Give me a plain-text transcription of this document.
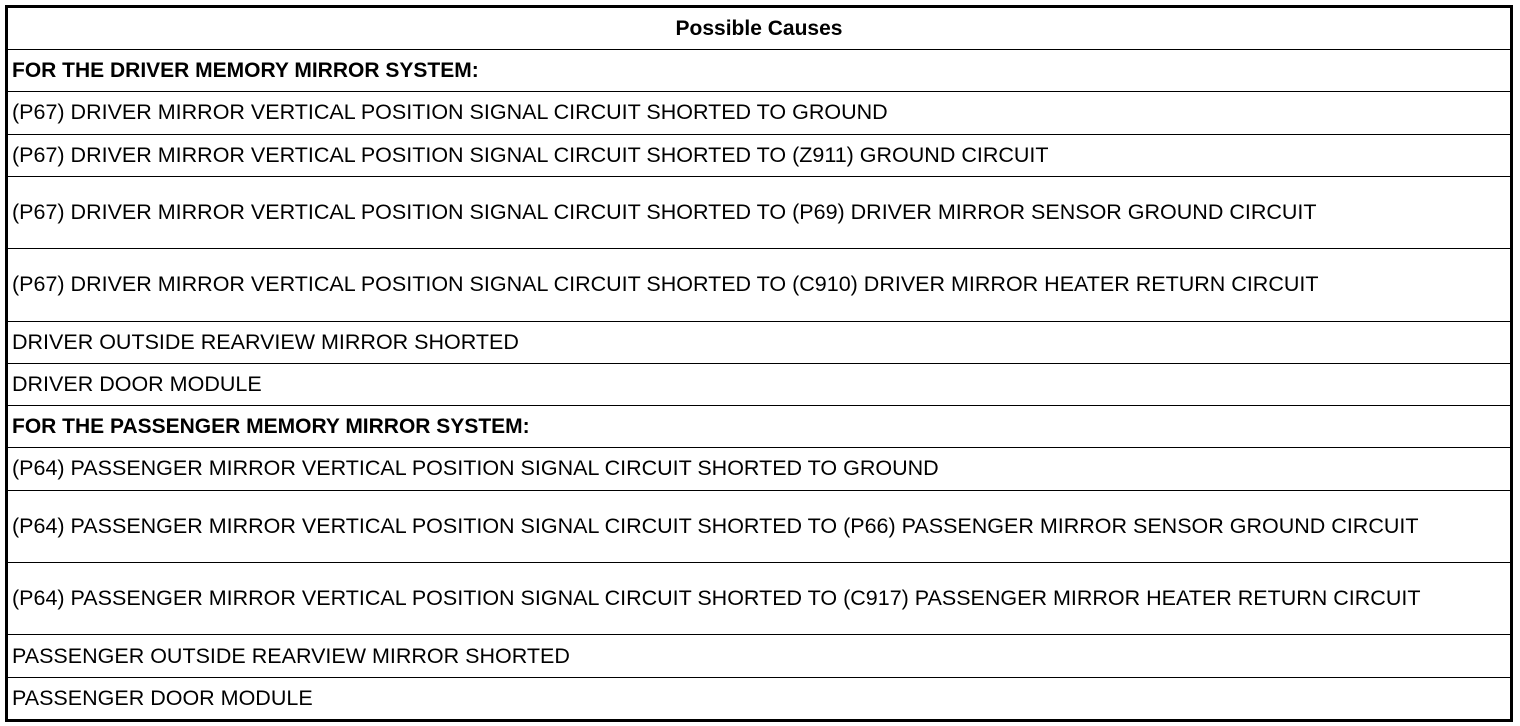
Possible Causes
FOR THE DRIVER MEMORY MIRROR SYSTEM:
(P67) DRIVER MIRROR VERTICAL POSITION SIGNAL CIRCUIT SHORTED TO GROUND
(P67) DRIVER MIRROR VERTICAL POSITION SIGNAL CIRCUIT SHORTED TO (Z911) GROUND CIRCUIT
(P67) DRIVER MIRROR VERTICAL POSITION SIGNAL CIRCUIT SHORTED TO (P69) DRIVER MIRROR SENSOR GROUND CIRCUIT
(P67) DRIVER MIRROR VERTICAL POSITION SIGNAL CIRCUIT SHORTED TO (C910) DRIVER MIRROR HEATER RETURN CIRCUIT
DRIVER OUTSIDE REARVIEW MIRROR SHORTED
DRIVER DOOR MODULE
FOR THE PASSENGER MEMORY MIRROR SYSTEM:
(P64) PASSENGER MIRROR VERTICAL POSITION SIGNAL CIRCUIT SHORTED TO GROUND
(P64) PASSENGER MIRROR VERTICAL POSITION SIGNAL CIRCUIT SHORTED TO (P66) PASSENGER MIRROR SENSOR GROUND CIRCUIT
(P64) PASSENGER MIRROR VERTICAL POSITION SIGNAL CIRCUIT SHORTED TO (C917) PASSENGER MIRROR HEATER RETURN CIRCUIT
PASSENGER OUTSIDE REARVIEW MIRROR SHORTED
PASSENGER DOOR MODULE
